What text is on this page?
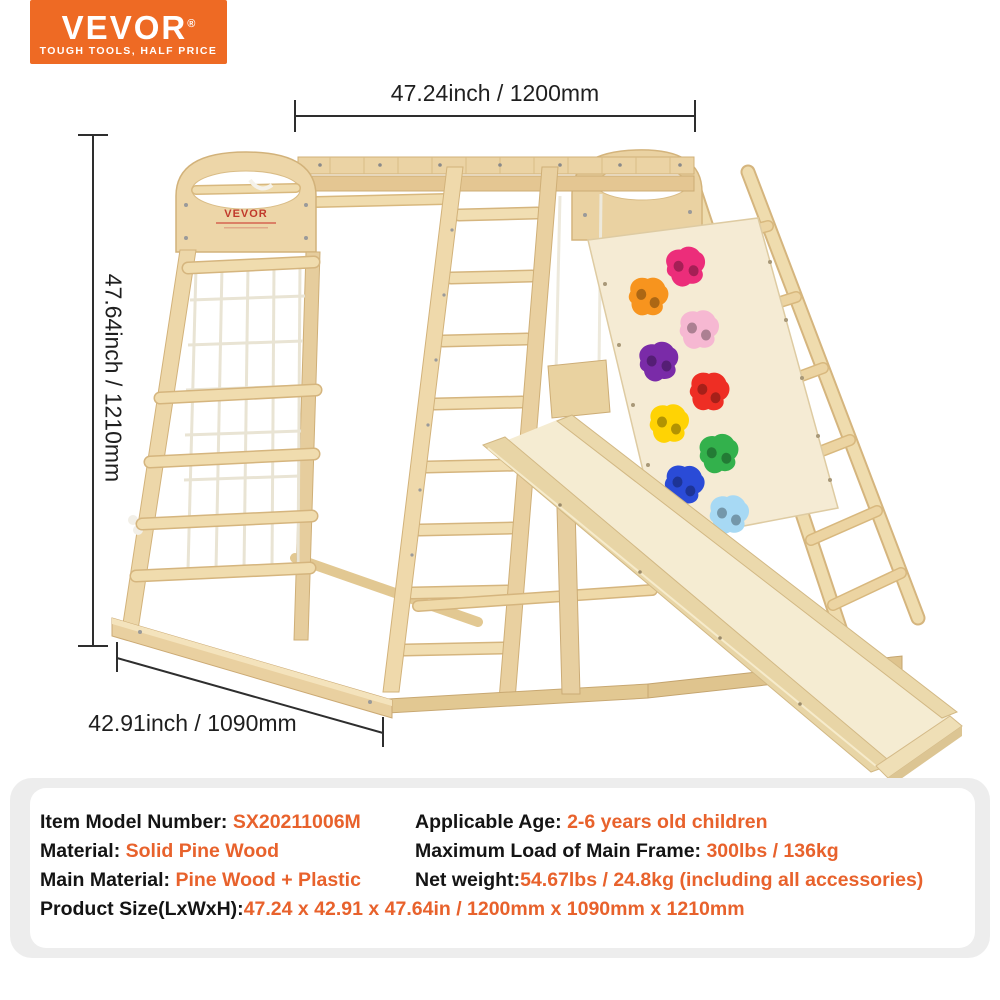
VEVOR®
TOUGH TOOLS, HALF PRICE
VEVOR
47.24inch / 1200mm
47.64inch / 1210mm
42.91inch / 1090mm
Item Model Number: SX20211006M	Applicable Age: 2-6 years old children
Material: Solid Pine Wood	Maximum Load of Main Frame: 300lbs / 136kg
Main Material: Pine Wood + Plastic	Net weight:54.67lbs / 24.8kg (including all accessories)
Product Size(LxWxH):47.24 x 42.91 x 47.64in / 1200mm x 1090mm x 1210mm
